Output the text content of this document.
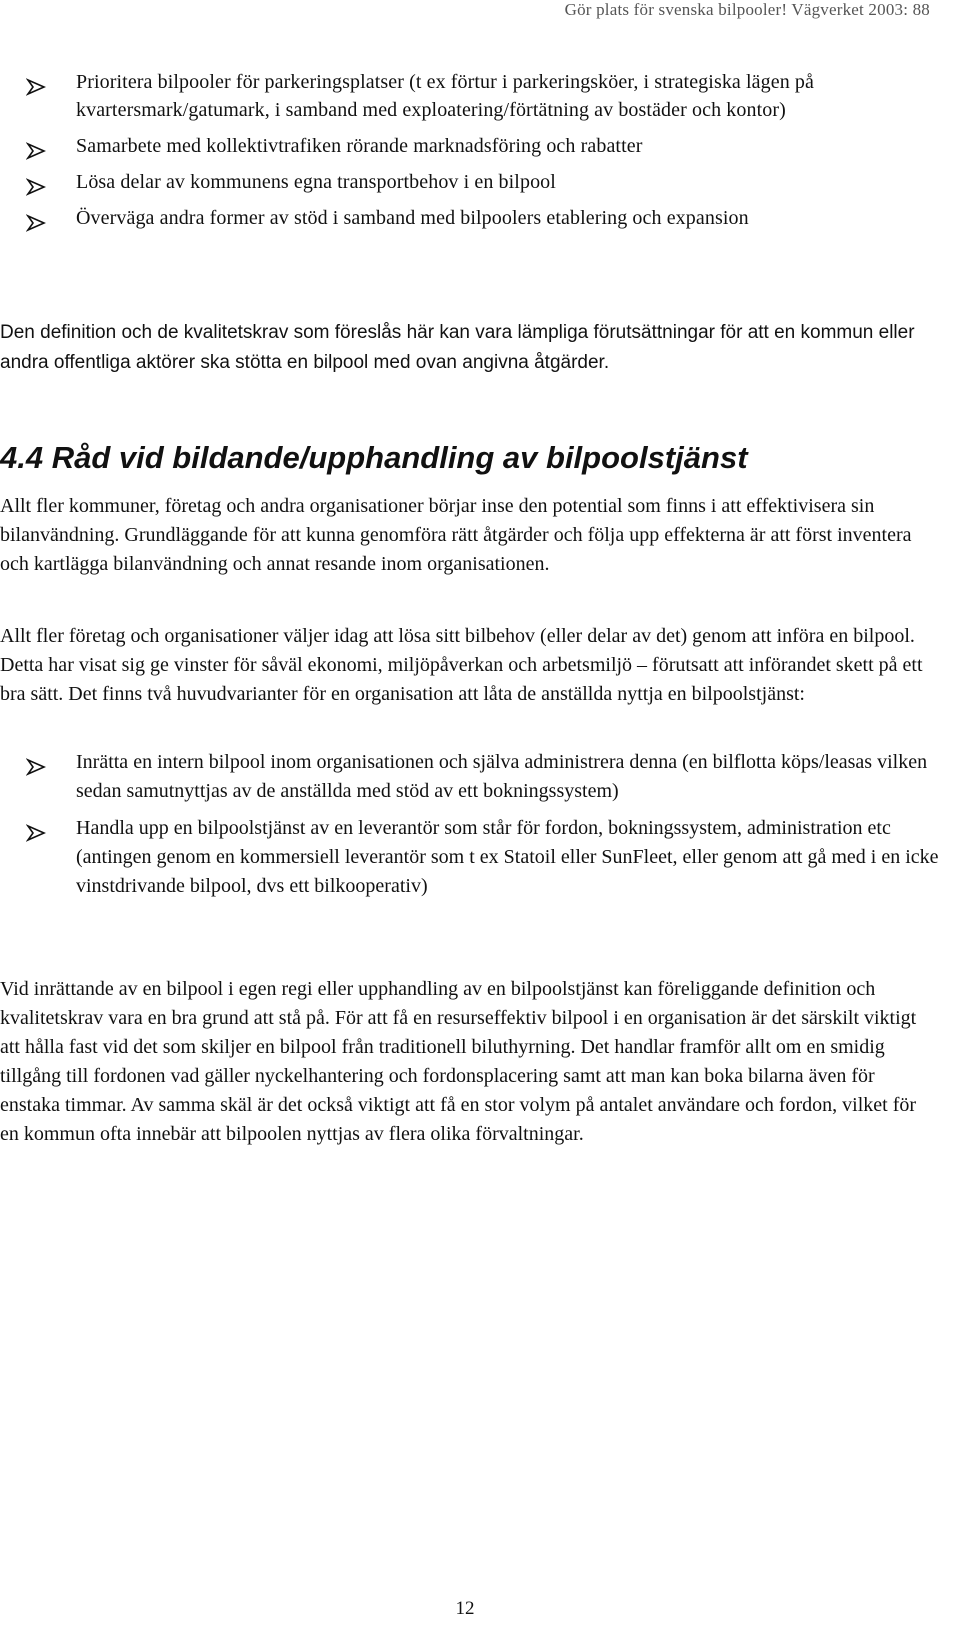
Gör plats för svenska bilpooler! Vägverket 2003: 88
Prioritera bilpooler för parkeringsplatser (t ex förtur i parkeringsköer, i strategiska lägen på kvartersmark/gatumark, i samband med exploatering/förtätning av bostäder och kontor)
Samarbete med kollektivtrafiken rörande marknadsföring och rabatter
Lösa delar av kommunens egna transportbehov i en bilpool
Överväga andra former av stöd i samband med bilpoolers etablering och expansion

Den definition och de kvalitetskrav som föreslås här kan vara lämpliga förutsättningar för att en kommun eller andra offentliga aktörer ska stötta en bilpool med ovan angivna åtgärder.

4.4 Råd vid bildande/upphandling av bilpoolstjänst

Allt fler kommuner, företag och andra organisationer börjar inse den potential som finns i att effektivisera sin bilanvändning. Grundläggande för att kunna genomföra rätt åtgärder och följa upp effekterna är att först inventera och kartlägga bilanvändning och annat resande inom organisationen.

Allt fler företag och organisationer väljer idag att lösa sitt bilbehov (eller delar av det) genom att införa en bilpool. Detta har visat sig ge vinster för såväl ekonomi, miljöpåverkan och arbetsmiljö – förutsatt att införandet skett på ett bra sätt. Det finns två huvudvarianter för en organisation att låta de anställda nyttja en bilpoolstjänst:

Inrätta en intern bilpool inom organisationen och själva administrera denna (en bilflotta köps/leasas vilken sedan samutnyttjas av de anställda med stöd av ett bokningssystem)
Handla upp en bilpoolstjänst av en leverantör som står för fordon, bokningssystem, administration etc (antingen genom en kommersiell leverantör som t ex Statoil eller SunFleet, eller genom att gå med i en icke vinstdrivande bilpool, dvs ett bilkooperativ)

Vid inrättande av en bilpool i egen regi eller upphandling av en bilpoolstjänst kan föreliggande definition och kvalitetskrav vara en bra grund att stå på. För att få en resurseffektiv bilpool i en organisation är det särskilt viktigt att hålla fast vid det som skiljer en bilpool från traditionell biluthyrning. Det handlar framför allt om en smidig tillgång till fordonen vad gäller nyckelhantering och fordonsplacering samt att man kan boka bilarna även för enstaka timmar. Av samma skäl är det också viktigt att få en stor volym på antalet användare och fordon, vilket för en kommun ofta innebär att bilpoolen nyttjas av flera olika förvaltningar.

12
